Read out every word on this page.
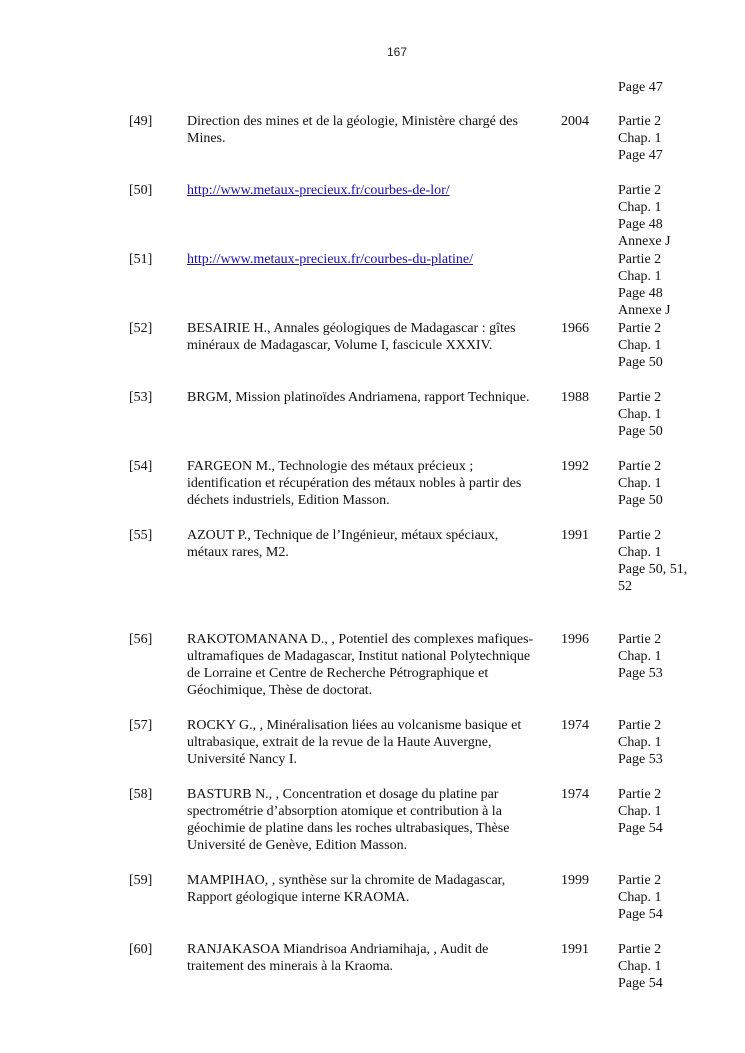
167
Page 47
[49] Direction des mines et de la géologie, Ministère chargé des Mines.
2004 Partie 2
Chap. 1
Page 47
[50] http://www.metaux-precieux.fr/courbes-de-lor/	Partie 2
Chap. 1
Page 48
Annexe J
[51] http://www.metaux-precieux.fr/courbes-du-platine/	Partie 2
Chap. 1
Page 48
Annexe J
[52] BESAIRIE H., Annales géologiques de Madagascar : gîtes minéraux de Madagascar, Volume I, fascicule XXXIV.
1966 Partie 2
Chap. 1
Page 50
[53] BRGM, Mission platinoïdes Andriamena, rapport Technique.	1988 Partie 2
Chap. 1
Page 50
[54] FARGEON M., Technologie des métaux précieux ; identification et récupération des métaux nobles à partir des déchets industriels, Edition Masson.
1992 Partie 2
Chap. 1
Page 50
[55] AZOUT P., Technique de l’Ingénieur, métaux spéciaux, métaux rares, M2.
1991 Partie 2
Chap. 1
Page 50, 51,
52
[56] RAKOTOMANANA D., , Potentiel des complexes mafiques- ultramafiques de Madagascar, Institut national Polytechnique de Lorraine et Centre de Recherche Pétrographique et Géochimique, Thèse de doctorat.
1996 Partie 2
Chap. 1
Page 53
[57] ROCKY G., , Minéralisation liées au volcanisme basique et ultrabasique, extrait de la revue de la Haute Auvergne, Université Nancy I.
1974 Partie 2
Chap. 1
Page 53
[58] BASTURB N., , Concentration et dosage du platine par spectrométrie d’absorption atomique et contribution à la géochimie de platine dans les roches ultrabasiques, Thèse Université de Genève, Edition Masson.
1974 Partie 2
Chap. 1
Page 54
[59] MAMPIHAO, , synthèse sur la chromite de Madagascar, Rapport géologique interne KRAOMA.
1999 Partie 2
Chap. 1
Page 54
[60] RANJAKASOA Miandrisoa Andriamihaja, , Audit de traitement des minerais à la Kraoma.
1991 Partie 2
Chap. 1
Page 54
